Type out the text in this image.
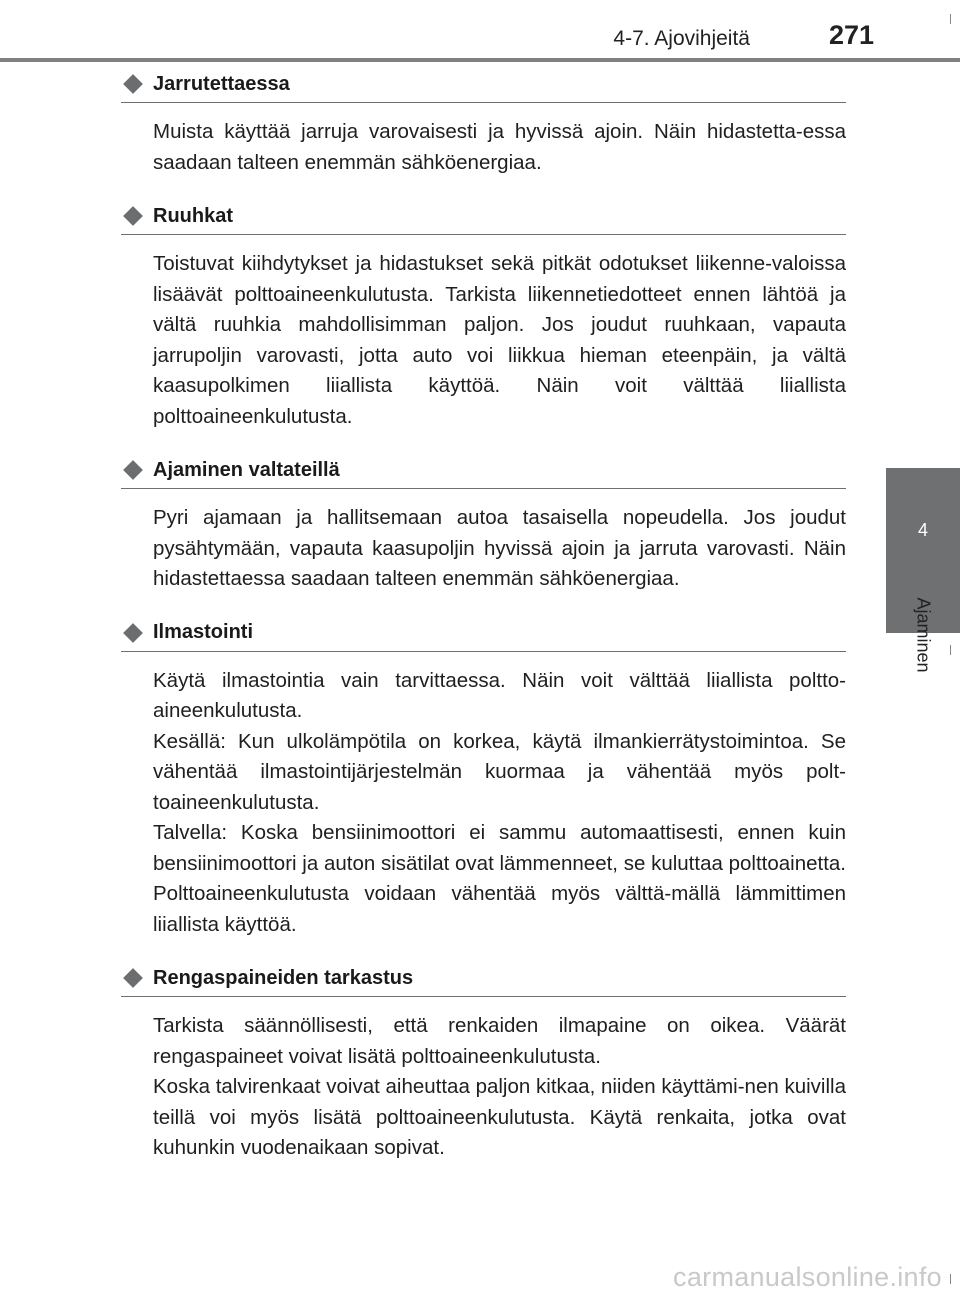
4-7. Ajovihjeitä	271
4
Ajaminen
Jarrutettaessa

Muista käyttää jarruja varovaisesti ja hyvissä ajoin. Näin hidastetta-essa saadaan talteen enemmän sähköenergiaa.

Ruuhkat

Toistuvat kiihdytykset ja hidastukset sekä pitkät odotukset liikenne-valoissa lisäävät polttoaineenkulutusta. Tarkista liikennetiedotteet ennen lähtöä ja vältä ruuhkia mahdollisimman paljon. Jos joudut ruuhkaan, vapauta jarrupoljin varovasti, jotta auto voi liikkua hieman eteenpäin, ja vältä kaasupolkimen liiallista käyttöä. Näin voit välttää liiallista polttoaineenkulutusta.

Ajaminen valtateillä

Pyri ajamaan ja hallitsemaan autoa tasaisella nopeudella. Jos joudut pysähtymään, vapauta kaasupoljin hyvissä ajoin ja jarruta varovasti. Näin hidastettaessa saadaan talteen enemmän sähköenergiaa.

Ilmastointi

Käytä ilmastointia vain tarvittaessa. Näin voit välttää liiallista poltto-aineenkulutusta.

Kesällä: Kun ulkolämpötila on korkea, käytä ilmankierrätystoimintoa. Se vähentää ilmastointijärjestelmän kuormaa ja vähentää myös polt-toaineenkulutusta.

Talvella: Koska bensiinimoottori ei sammu automaattisesti, ennen kuin bensiinimoottori ja auton sisätilat ovat lämmenneet, se kuluttaa polttoainetta. Polttoaineenkulutusta voidaan vähentää myös välttä-mällä lämmittimen liiallista käyttöä.

Rengaspaineiden tarkastus

Tarkista säännöllisesti, että renkaiden ilmapaine on oikea. Väärät rengaspaineet voivat lisätä polttoaineenkulutusta.

Koska talvirenkaat voivat aiheuttaa paljon kitkaa, niiden käyttämi-nen kuivilla teillä voi myös lisätä polttoaineenkulutusta. Käytä renkaita, jotka ovat kuhunkin vuodenaikaan sopivat.

carmanualsonline.info
